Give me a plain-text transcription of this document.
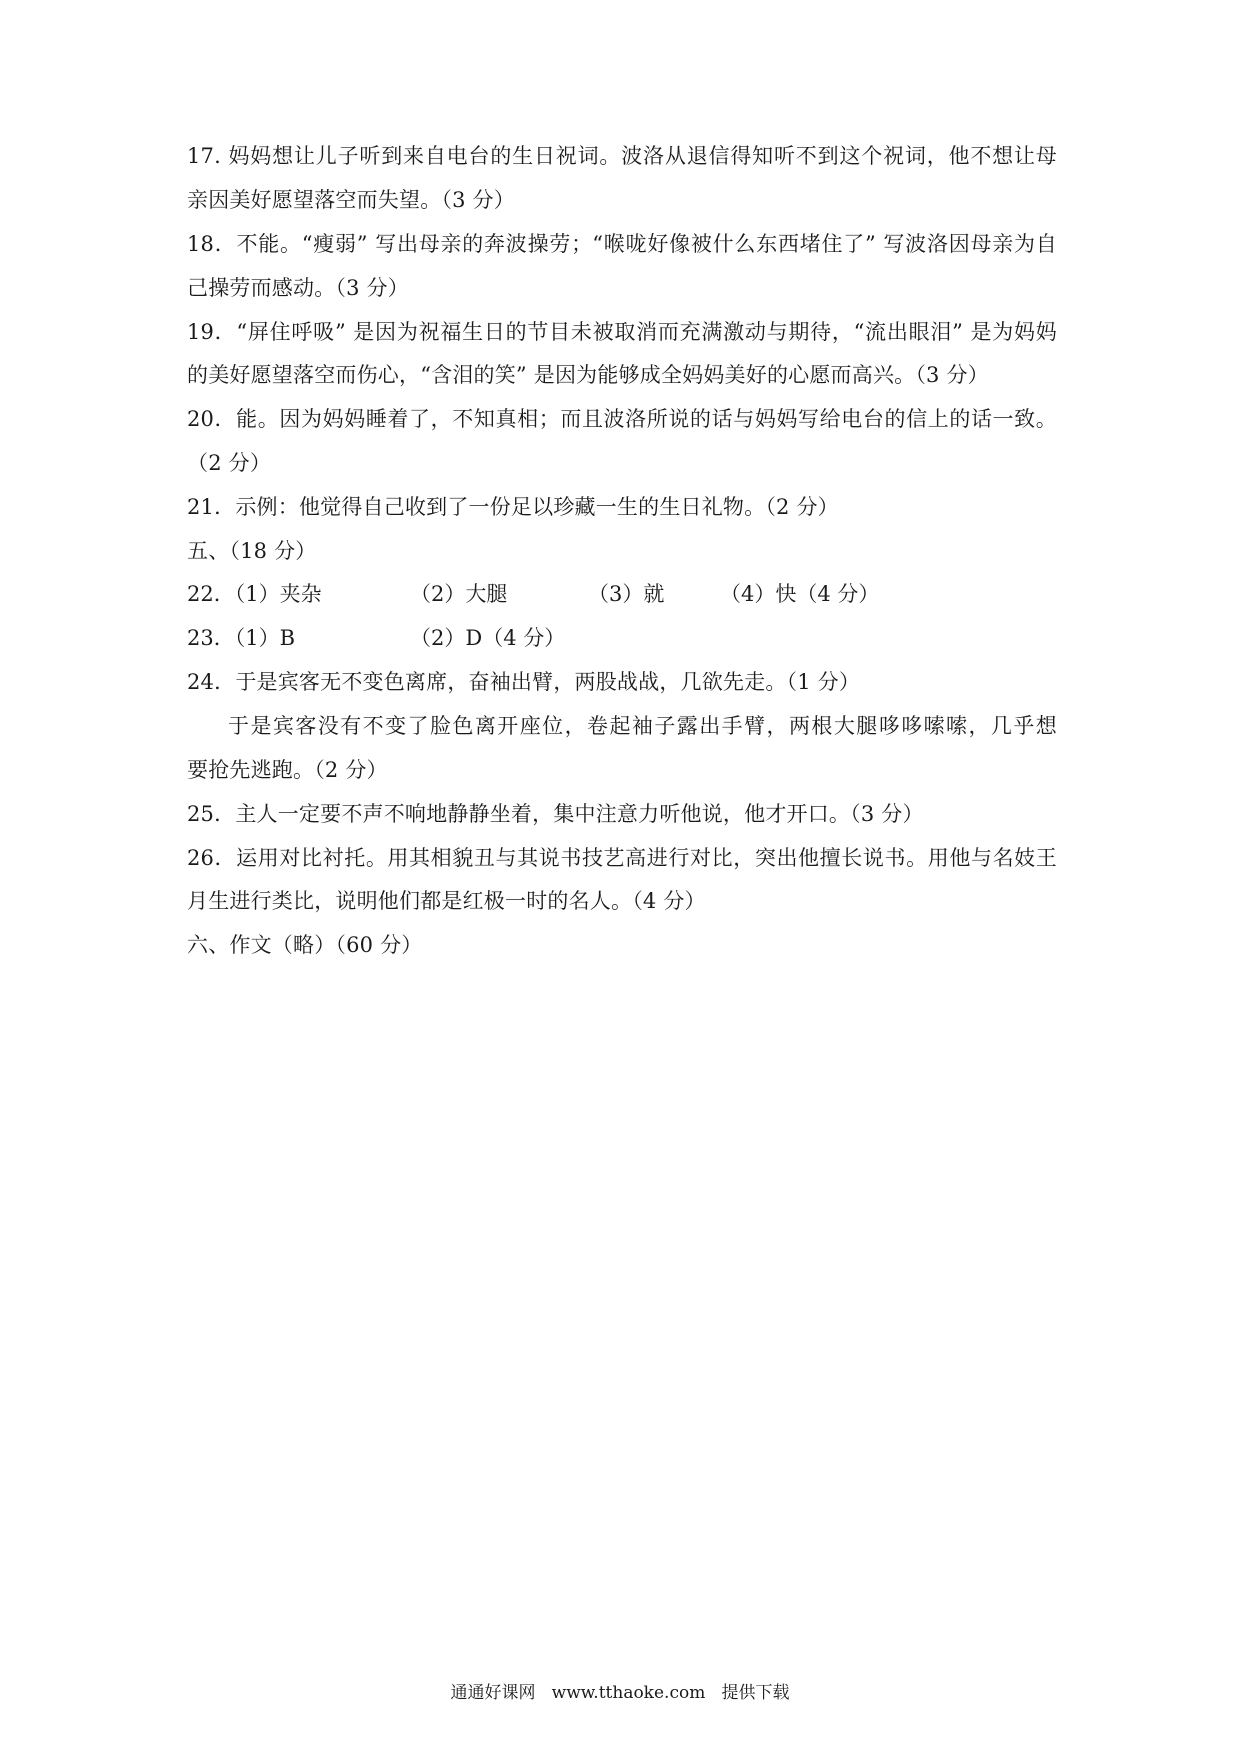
17. 妈妈想让儿子听到来自电台的生日祝词。波洛从退信得知听不到这个祝词，他不想让母
亲因美好愿望落空而失望。（3 分）
18．不能。“瘦弱” 写出母亲的奔波操劳；“喉咙好像被什么东西堵住了” 写波洛因母亲为自
己操劳而感动。（3 分）
19．“屏住呼吸” 是因为祝福生日的节目未被取消而充满激动与期待，“流出眼泪” 是为妈妈
的美好愿望落空而伤心，“含泪的笑” 是因为能够成全妈妈美好的心愿而高兴。（3 分）
20．能。因为妈妈睡着了，不知真相；而且波洛所说的话与妈妈写给电台的信上的话一致。
（2 分）
21．示例：他觉得自己收到了一份足以珍藏一生的生日礼物。（2 分）
五、（18 分）
22．（1）夹杂	（2）大腿	（3）就	（4）快（4 分）
23．（1）B	（2）D（4 分）
24．于是宾客无不变色离席，奋袖出臂，两股战战，几欲先走。（1 分）
于是宾客没有不变了脸色离开座位，卷起袖子露出手臂，两根大腿哆哆嗦嗦，几乎想
要抢先逃跑。（2 分）
25．主人一定要不声不响地静静坐着，集中注意力听他说，他才开口。（3 分）
26．运用对比衬托。用其相貌丑与其说书技艺高进行对比，突出他擅长说书。用他与名妓王
月生进行类比，说明他们都是红极一时的名人。（4 分）
六、作文（略）（60 分）
通通好课网   www.tthaoke.com   提供下载
